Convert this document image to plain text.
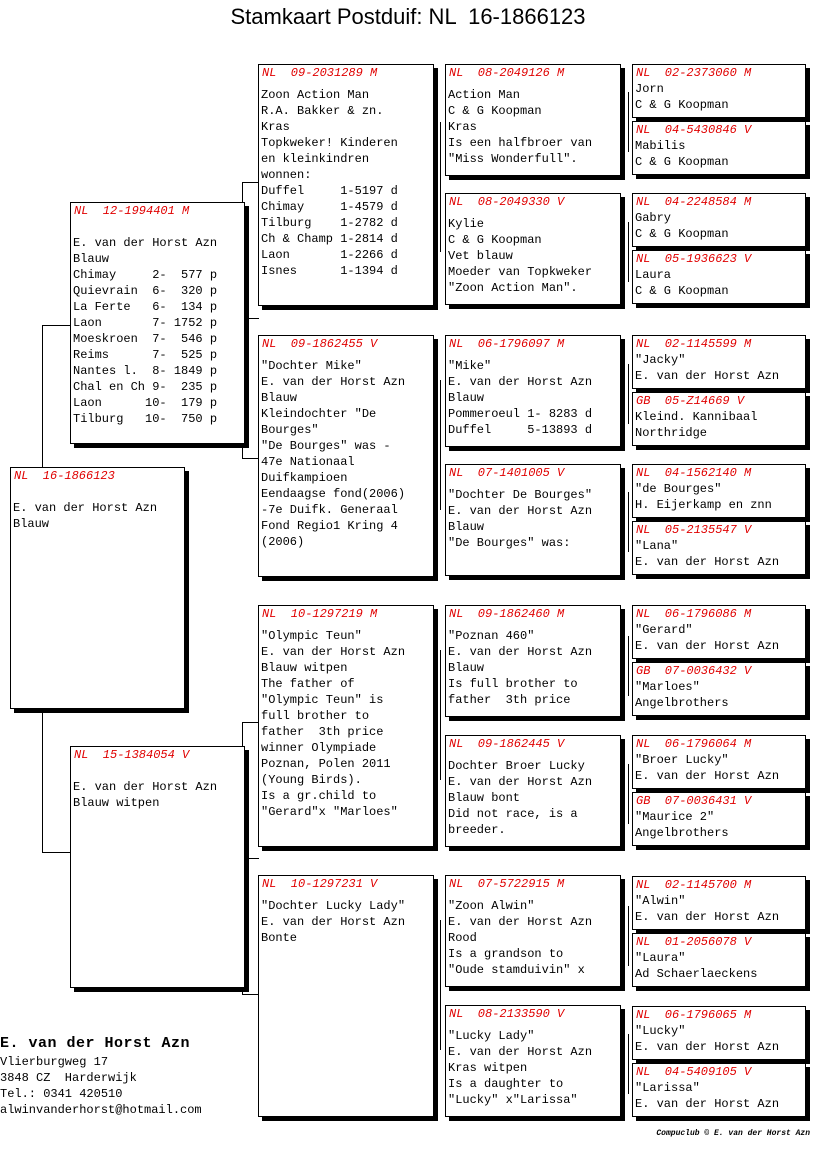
Stamkaart Postduif: NL  16-1866123
NL  16-1866123
E. van der Horst Azn
Blauw
NL  12-1994401 M
E. van der Horst Azn
Blauw
Chimay     2-  577 p
Quievrain  6-  320 p
La Ferte   6-  134 p
Laon       7- 1752 p
Moeskroen  7-  546 p
Reims      7-  525 p
Nantes l.  8- 1849 p
Chal en Ch 9-  235 p
Laon      10-  179 p
Tilburg   10-  750 p
NL  15-1384054 V
E. van der Horst Azn
Blauw witpen
NL  09-2031289 M
Zoon Action Man
R.A. Bakker & zn.
Kras
Topkweker! Kinderen
en kleinkindren
wonnen:
Duffel     1-5197 d
Chimay     1-4579 d
Tilburg    1-2782 d
Ch & Champ 1-2814 d
Laon       1-2266 d
Isnes      1-1394 d
NL  09-1862455 V
"Dochter Mike"
E. van der Horst Azn
Blauw
Kleindochter "De
Bourges"
"De Bourges" was -
47e Nationaal
Duifkampioen
Eendaagse fond(2006)
-7e Duifk. Generaal
Fond Regio1 Kring 4
(2006)
NL  10-1297219 M
"Olympic Teun"
E. van der Horst Azn
Blauw witpen
The father of
"Olympic Teun" is
full brother to
father  3th price
winner Olympiade
Poznan, Polen 2011
(Young Birds).
Is a gr.child to
"Gerard"x "Marloes"
NL  10-1297231 V
"Dochter Lucky Lady"
E. van der Horst Azn
Bonte
NL  08-2049126 M
Action Man
C & G Koopman
Kras
Is een halfbroer van
"Miss Wonderfull".
NL  08-2049330 V
Kylie
C & G Koopman
Vet blauw
Moeder van Topkweker
"Zoon Action Man".
NL  06-1796097 M
"Mike"
E. van der Horst Azn
Blauw
Pommeroeul 1- 8283 d
Duffel     5-13893 d
NL  07-1401005 V
"Dochter De Bourges"
E. van der Horst Azn
Blauw
"De Bourges" was:
NL  09-1862460 M
"Poznan 460"
E. van der Horst Azn
Blauw
Is full brother to
father  3th price
NL  09-1862445 V
Dochter Broer Lucky
E. van der Horst Azn
Blauw bont
Did not race, is a
breeder.
NL  07-5722915 M
"Zoon Alwin"
E. van der Horst Azn
Rood
Is a grandson to
"Oude stamduivin" x
NL  08-2133590 V
"Lucky Lady"
E. van der Horst Azn
Kras witpen
Is a daughter to
"Lucky" x"Larissa"
NL  02-2373060 M
Jorn
C & G Koopman
NL  04-5430846 V
Mabilis
C & G Koopman
NL  04-2248584 M
Gabry
C & G Koopman
NL  05-1936623 V
Laura
C & G Koopman
NL  02-1145599 M
"Jacky"
E. van der Horst Azn
GB  05-Z14669 V
Kleind. Kannibaal
Northridge
NL  04-1562140 M
"de Bourges"
H. Eijerkamp en znn
NL  05-2135547 V
"Lana"
E. van der Horst Azn
NL  06-1796086 M
"Gerard"
E. van der Horst Azn
GB  07-0036432 V
"Marloes"
Angelbrothers
NL  06-1796064 M
"Broer Lucky"
E. van der Horst Azn
GB  07-0036431 V
"Maurice 2"
Angelbrothers
NL  02-1145700 M
"Alwin"
E. van der Horst Azn
NL  01-2056078 V
"Laura"
Ad Schaerlaeckens
NL  06-1796065 M
"Lucky"
E. van der Horst Azn
NL  04-5409105 V
"Larissa"
E. van der Horst Azn
E. van der Horst Azn
Vlierburgweg 17
3848 CZ  Harderwijk
Tel.: 0341 420510
alwinvanderhorst@hotmail.com
Compuclub © E. van der Horst Azn
